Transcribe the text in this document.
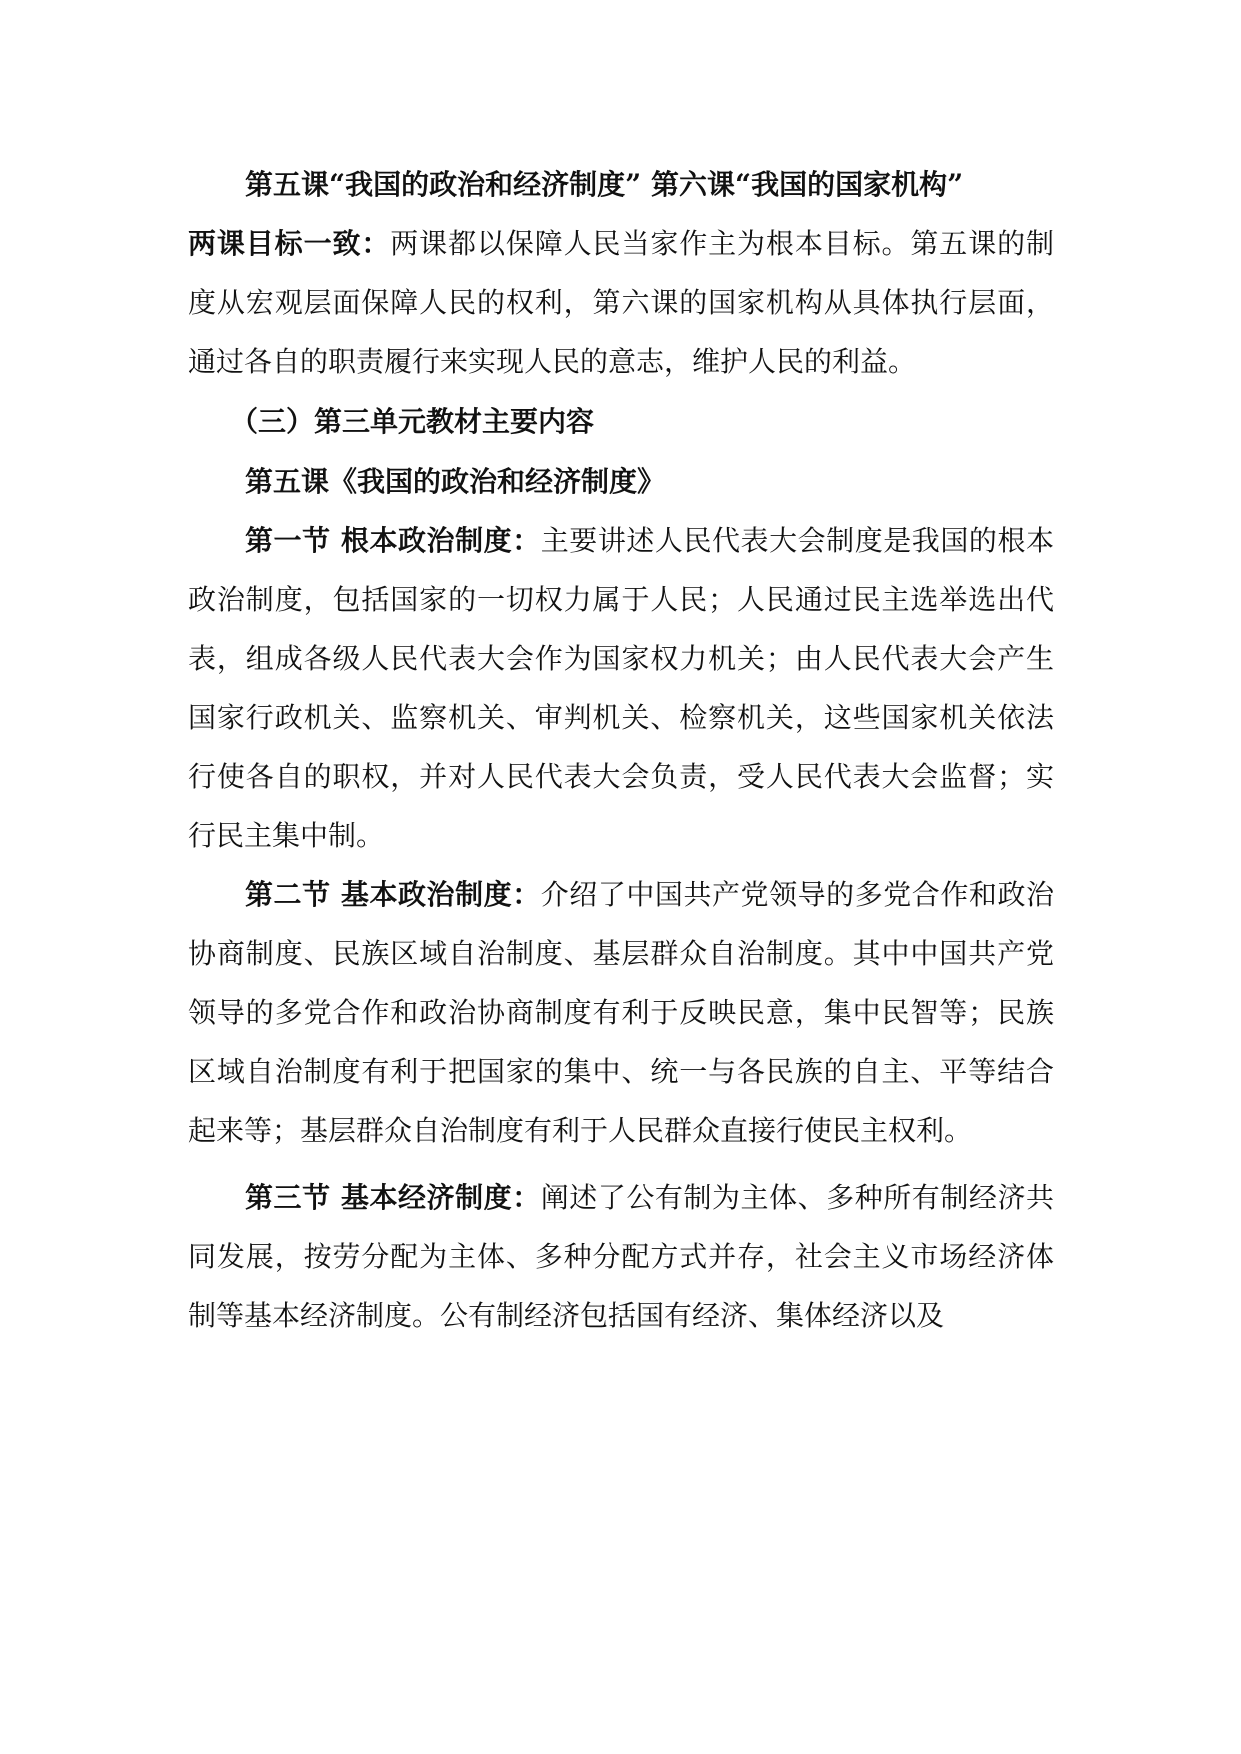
第五课“我国的政治和经济制度” 第六课“我国的国家机构”

两课目标一致：两课都以保障人民当家作主为根本目标。第五课的制度从宏观层面保障人民的权利，第六课的国家机构从具体执行层面，通过各自的职责履行来实现人民的意志，维护人民的利益。

（三）第三单元教材主要内容

第五课《我国的政治和经济制度》

第一节 根本政治制度：主要讲述人民代表大会制度是我国的根本政治制度，包括国家的一切权力属于人民；人民通过民主选举选出代表，组成各级人民代表大会作为国家权力机关；由人民代表大会产生国家行政机关、监察机关、审判机关、检察机关，这些国家机关依法行使各自的职权，并对人民代表大会负责，受人民代表大会监督；实行民主集中制。

第二节 基本政治制度：介绍了中国共产党领导的多党合作和政治协商制度、民族区域自治制度、基层群众自治制度。其中中国共产党领导的多党合作和政治协商制度有利于反映民意，集中民智等；民族区域自治制度有利于把国家的集中、统一与各民族的自主、平等结合起来等；基层群众自治制度有利于人民群众直接行使民主权利。

第三节 基本经济制度：阐述了公有制为主体、多种所有制经济共同发展，按劳分配为主体、多种分配方式并存，社会主义市场经济体制等基本经济制度。公有制经济包括国有经济、集体经济以及
